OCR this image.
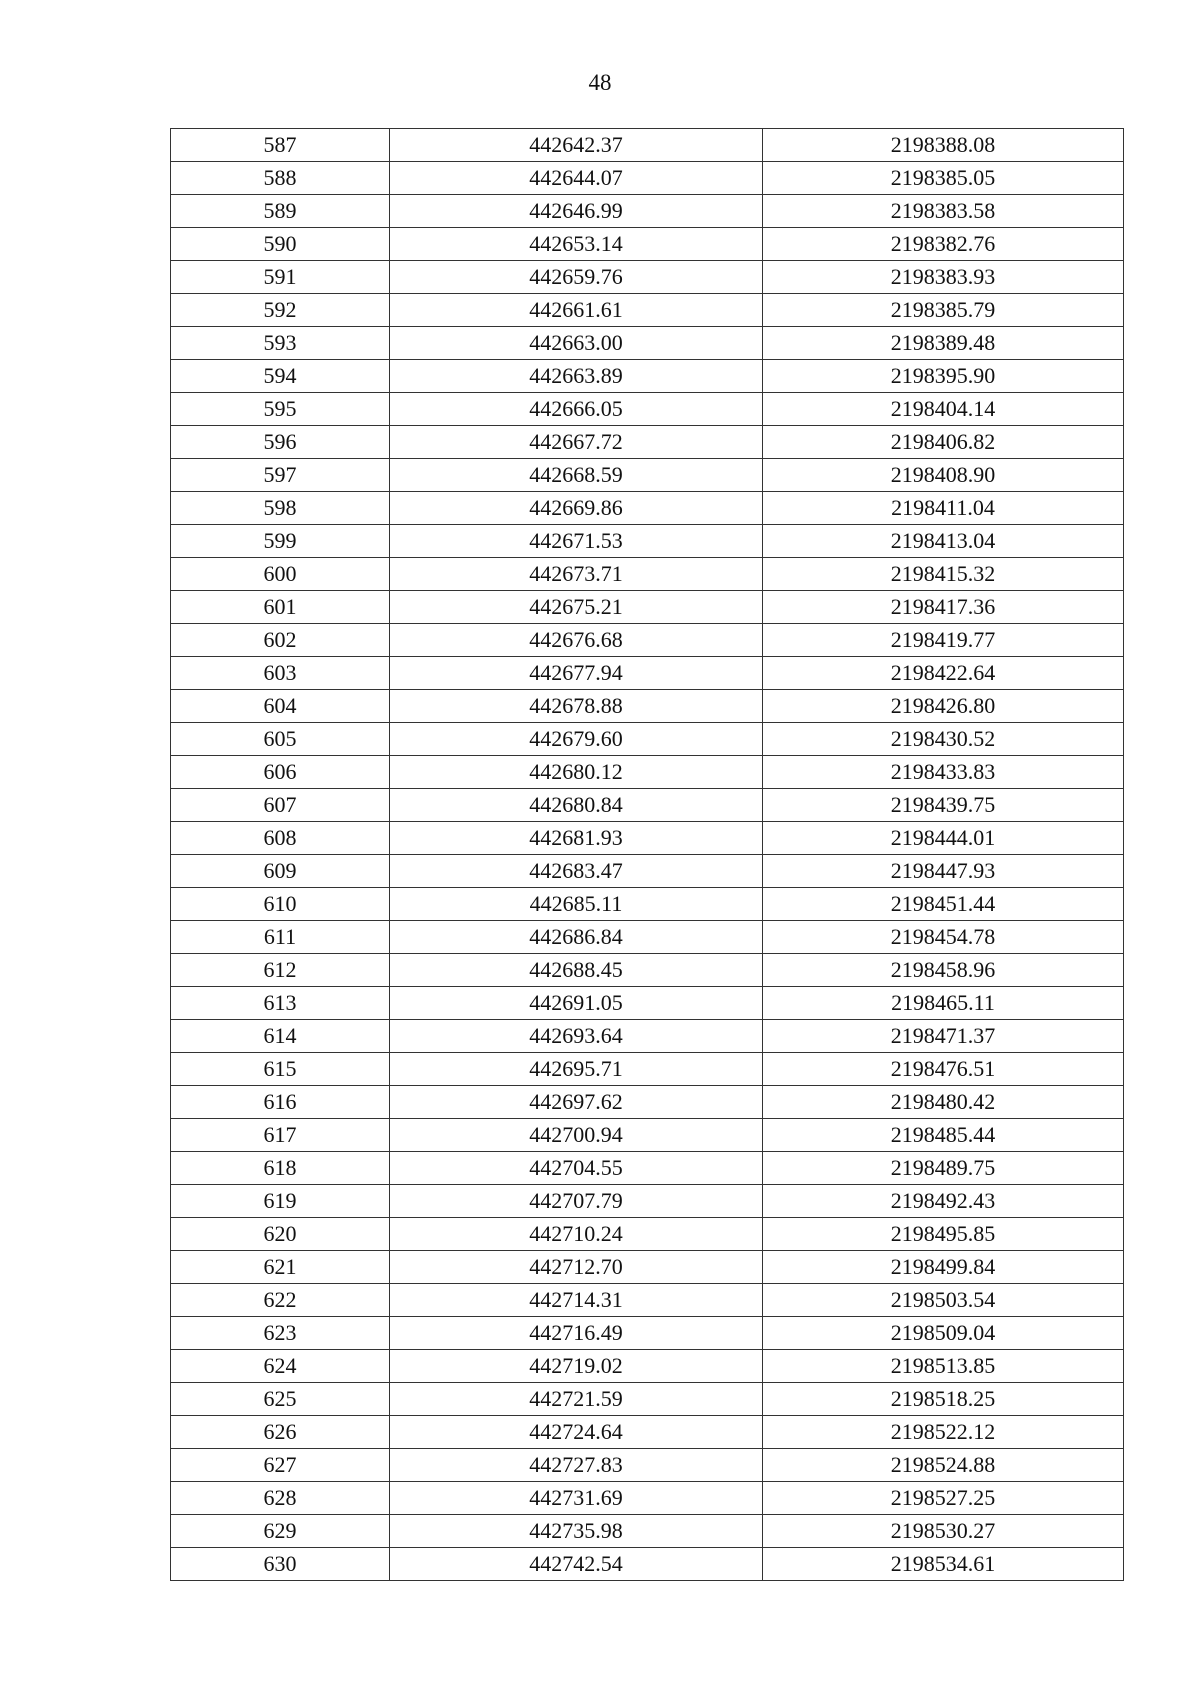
48
587	442642.37	2198388.08
588	442644.07	2198385.05
589	442646.99	2198383.58
590	442653.14	2198382.76
591	442659.76	2198383.93
592	442661.61	2198385.79
593	442663.00	2198389.48
594	442663.89	2198395.90
595	442666.05	2198404.14
596	442667.72	2198406.82
597	442668.59	2198408.90
598	442669.86	2198411.04
599	442671.53	2198413.04
600	442673.71	2198415.32
601	442675.21	2198417.36
602	442676.68	2198419.77
603	442677.94	2198422.64
604	442678.88	2198426.80
605	442679.60	2198430.52
606	442680.12	2198433.83
607	442680.84	2198439.75
608	442681.93	2198444.01
609	442683.47	2198447.93
610	442685.11	2198451.44
611	442686.84	2198454.78
612	442688.45	2198458.96
613	442691.05	2198465.11
614	442693.64	2198471.37
615	442695.71	2198476.51
616	442697.62	2198480.42
617	442700.94	2198485.44
618	442704.55	2198489.75
619	442707.79	2198492.43
620	442710.24	2198495.85
621	442712.70	2198499.84
622	442714.31	2198503.54
623	442716.49	2198509.04
624	442719.02	2198513.85
625	442721.59	2198518.25
626	442724.64	2198522.12
627	442727.83	2198524.88
628	442731.69	2198527.25
629	442735.98	2198530.27
630	442742.54	2198534.61
